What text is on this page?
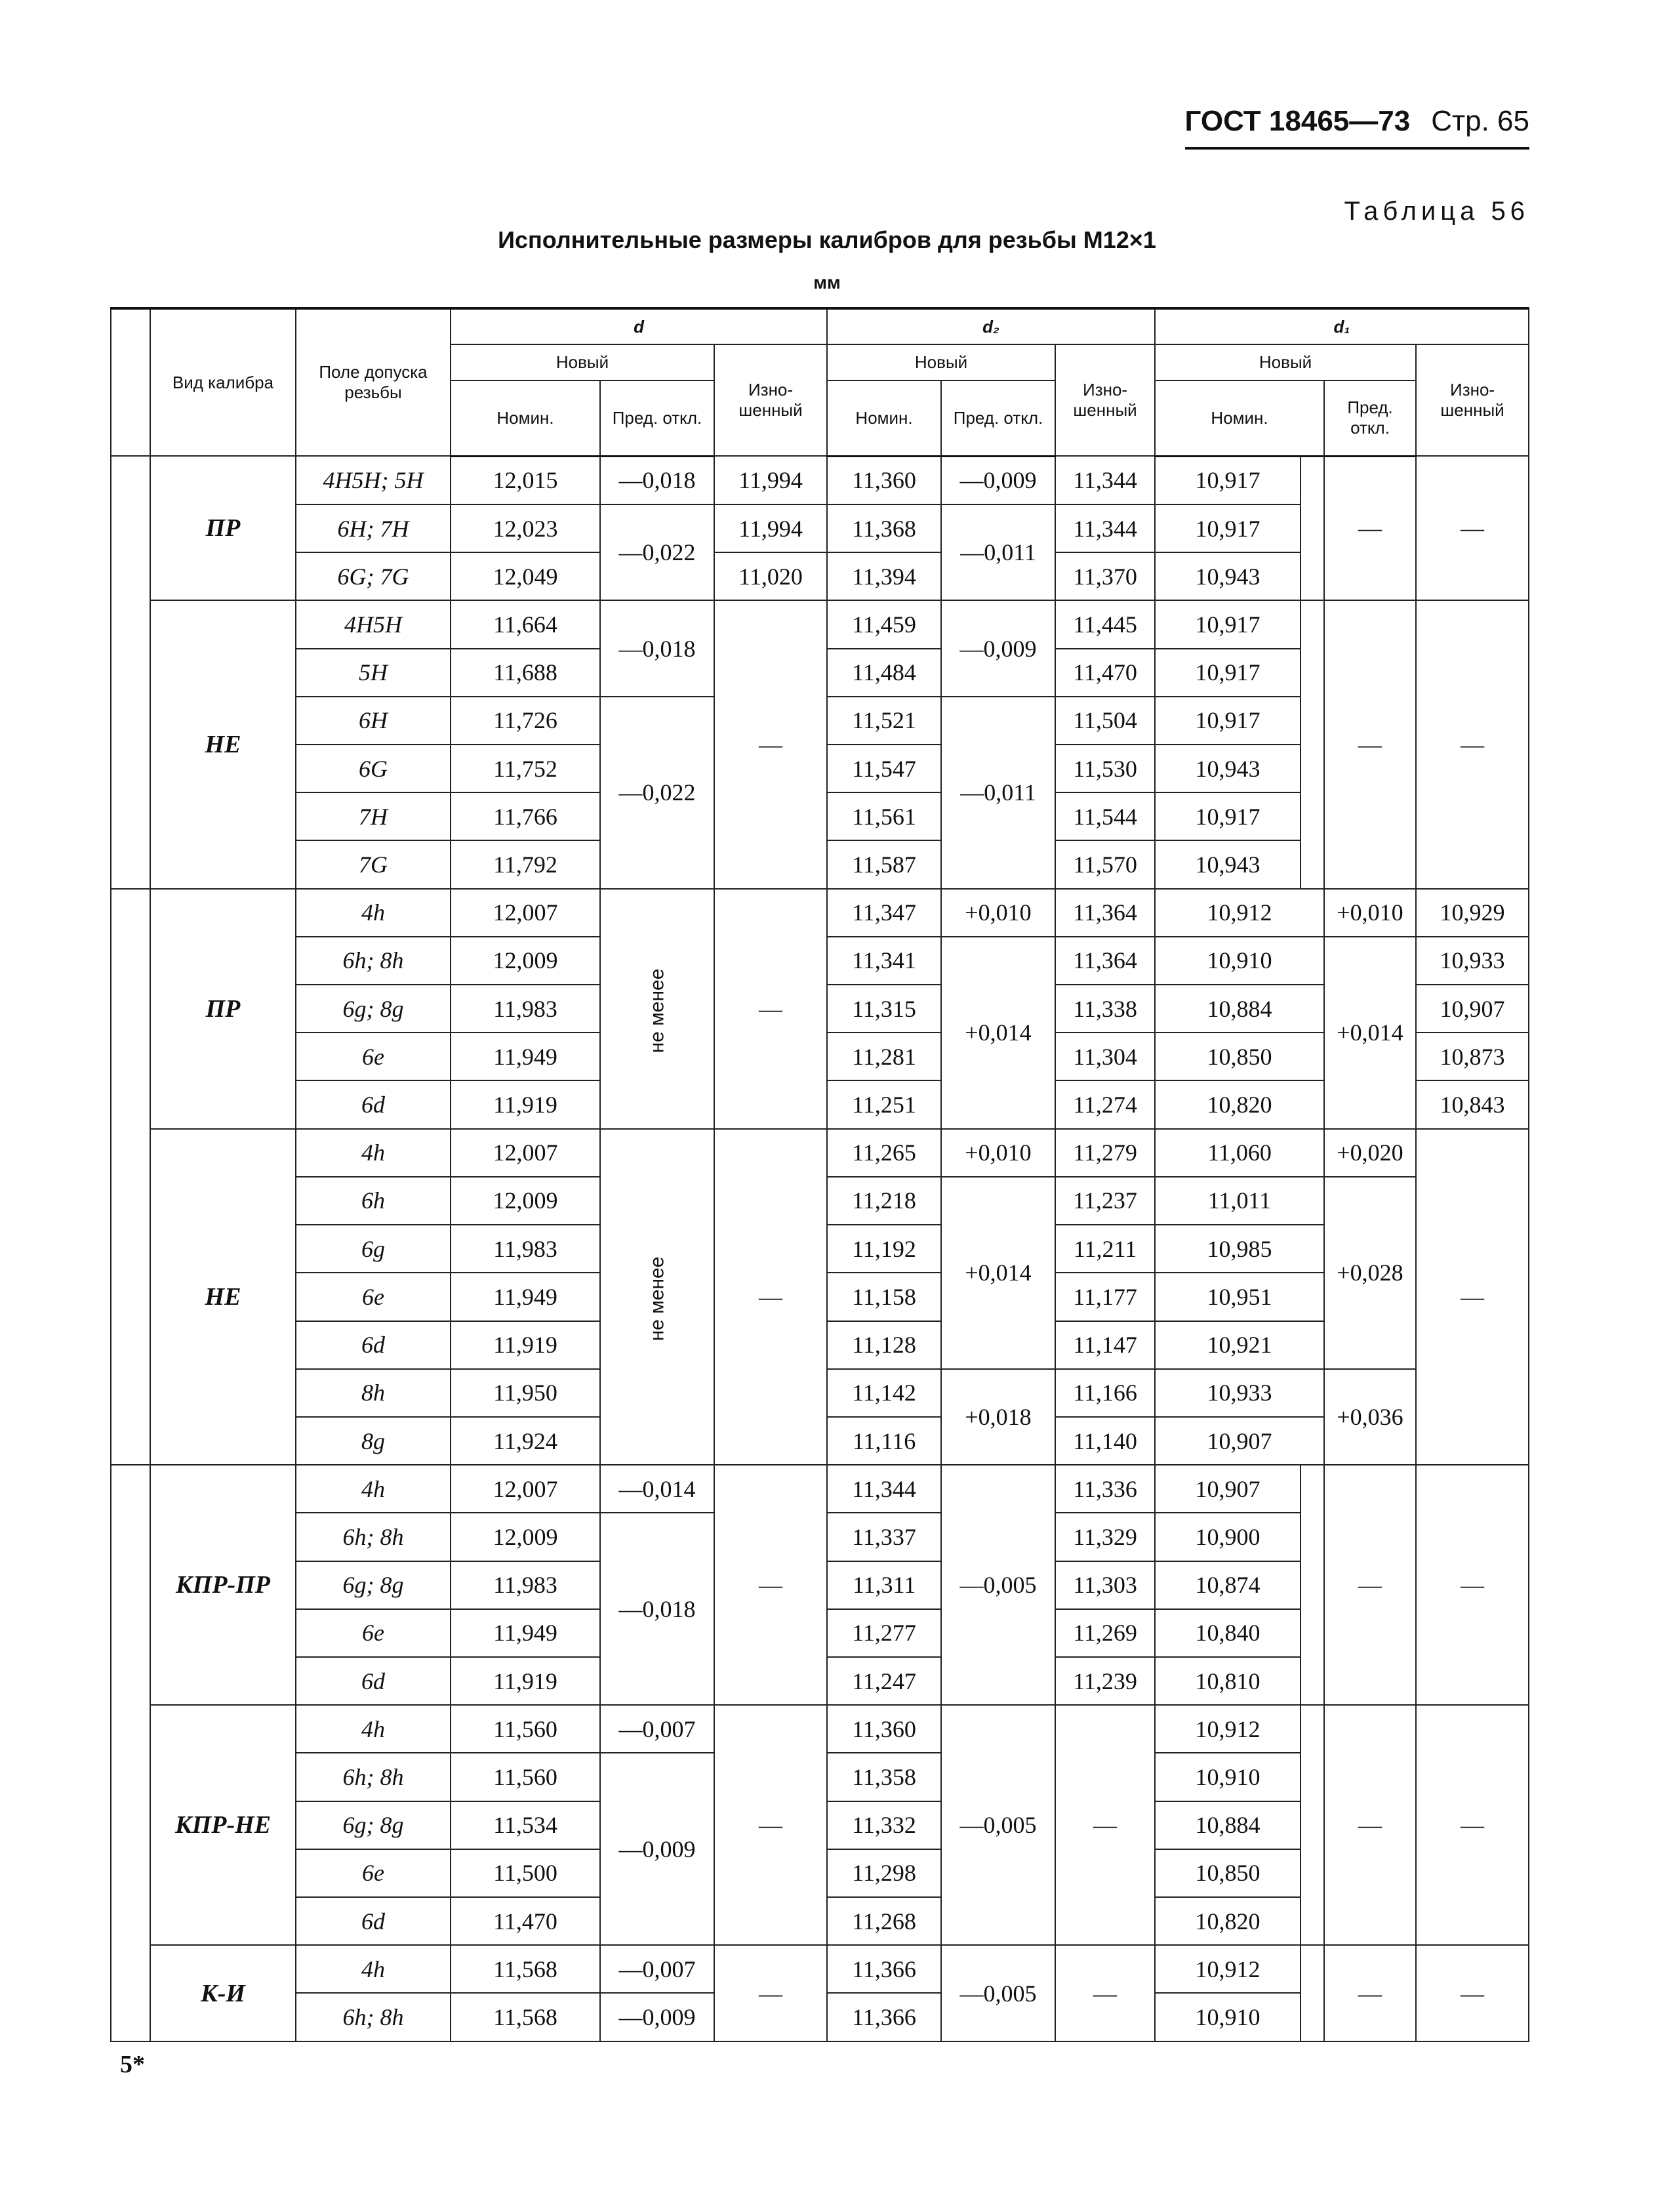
ГОСТ 18465—73 Стр. 65
Таблица 56
Исполнительные размеры калибров для резьбы М12×1
мм
	Вид калибра	Поле допуска резьбы	d			d₂			d₁			
			Новый		Изно-шенный	Новый		Изно-шенный	Новый			Изно-шенный
			Номин.	Пред. откл.		Номин.	Пред. откл.		Номин.		Пред. откл.	
	ПР	4H5H; 5H	12,015	—0,018	11,994	11,360	—0,009	11,344	10,917		—	—
		6H; 7H	12,023	—0,022	11,994	11,368	—0,011	11,344	10,917			
		6G; 7G	12,049		11,020	11,394		11,370	10,943			
	НЕ	4H5H	11,664	—0,018	—	11,459	—0,009	11,445	10,917		—	—
		5H	11,688			11,484		11,470	10,917			
		6H	11,726	—0,022		11,521	—0,011	11,504	10,917			
		6G	11,752			11,547		11,530	10,943			
		7H	11,766			11,561		11,544	10,917			
		7G	11,792			11,587		11,570	10,943			
	ПР	4h	12,007	не менее	—	11,347	+0,010	11,364	10,912		+0,010	10,929
		6h; 8h	12,009			11,341	+0,014	11,364	10,910		+0,014	10,933
		6g; 8g	11,983			11,315		11,338	10,884			10,907
		6e	11,949			11,281		11,304	10,850			10,873
		6d	11,919			11,251		11,274	10,820			10,843
	НЕ	4h	12,007	не менее	—	11,265	+0,010	11,279	11,060		+0,020	—
		6h	12,009			11,218	+0,014	11,237	11,011		+0,028	
		6g	11,983			11,192		11,211	10,985			
		6e	11,949			11,158		11,177	10,951			
		6d	11,919			11,128		11,147	10,921			
		8h	11,950			11,142	+0,018	11,166	10,933		+0,036	
		8g	11,924			11,116		11,140	10,907			
	КПР-ПР	4h	12,007	—0,014	—	11,344	—0,005	11,336	10,907		—	—
		6h; 8h	12,009	—0,018		11,337		11,329	10,900			
		6g; 8g	11,983			11,311		11,303	10,874			
		6e	11,949			11,277		11,269	10,840			
		6d	11,919			11,247		11,239	10,810			
	КПР-НЕ	4h	11,560	—0,007	—	11,360	—0,005	—	10,912		—	—
		6h; 8h	11,560	—0,009		11,358			10,910			
		6g; 8g	11,534			11,332			10,884			
		6e	11,500			11,298			10,850			
		6d	11,470			11,268			10,820			
	К-И	4h	11,568	—0,007	—	11,366	—0,005	—	10,912		—	—
		6h; 8h	11,568	—0,009		11,366			10,910			
5*
